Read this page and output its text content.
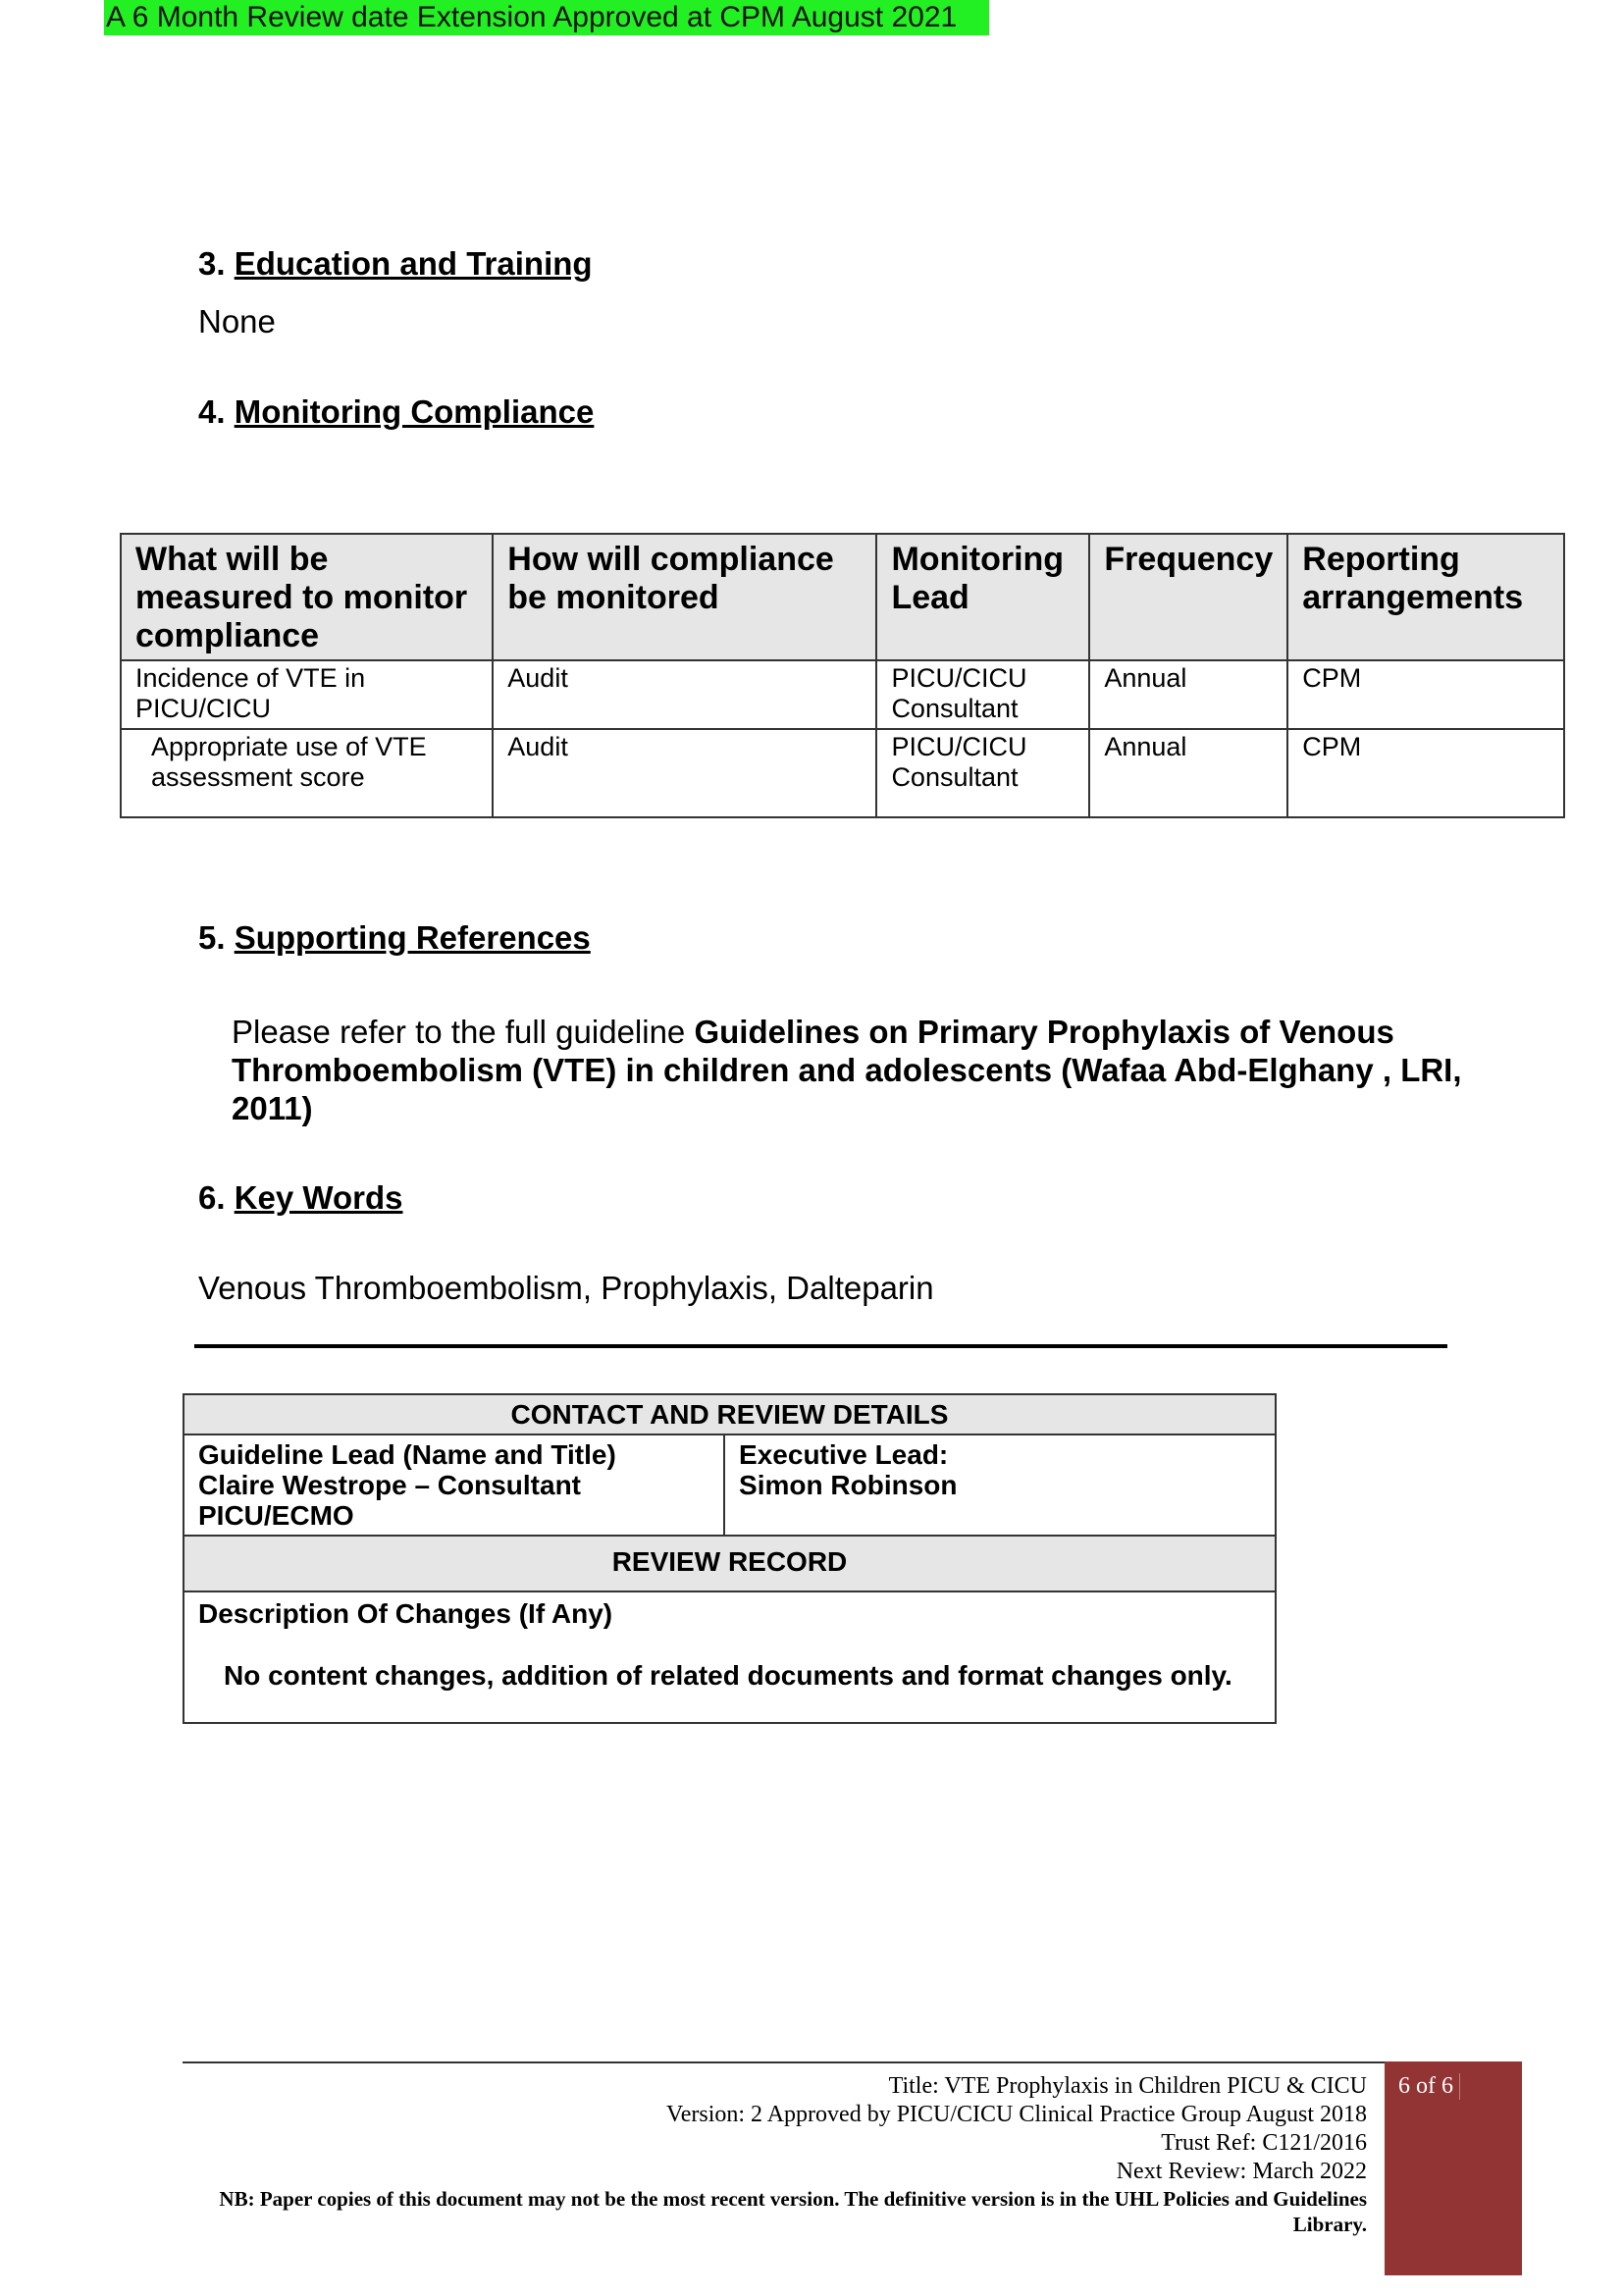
A 6 Month Review date Extension Approved at CPM August 2021
3. Education and Training
None
4. Monitoring Compliance
What will be measured to monitor compliance	How will compliance be monitored	Monitoring Lead	Frequency	Reporting arrangements
Incidence of VTE in PICU/CICU	Audit	PICU/CICU Consultant	Annual	CPM
Appropriate use of VTE assessment score	Audit	PICU/CICU Consultant	Annual	CPM
5. Supporting References
Please refer to the full guideline Guidelines on Primary Prophylaxis of Venous Thromboembolism (VTE) in children and adolescents (Wafaa Abd-Elghany , LRI, 2011)
6. Key Words
Venous Thromboembolism, Prophylaxis, Dalteparin
CONTACT AND REVIEW DETAILS

Guideline Lead (Name and Title)
Claire Westrope – Consultant PICU/ECMO

Executive Lead:
Simon Robinson

REVIEW RECORD
Description Of Changes (If Any)
No content changes, addition of related documents and format changes only.
Title: VTE Prophylaxis in Children PICU & CICU
Version: 2 Approved by PICU/CICU Clinical Practice Group August 2018
Trust Ref: C121/2016
Next Review: March 2022
NB: Paper copies of this document may not be the most recent version. The definitive version is in the UHL Policies and Guidelines Library.
6 of 6
